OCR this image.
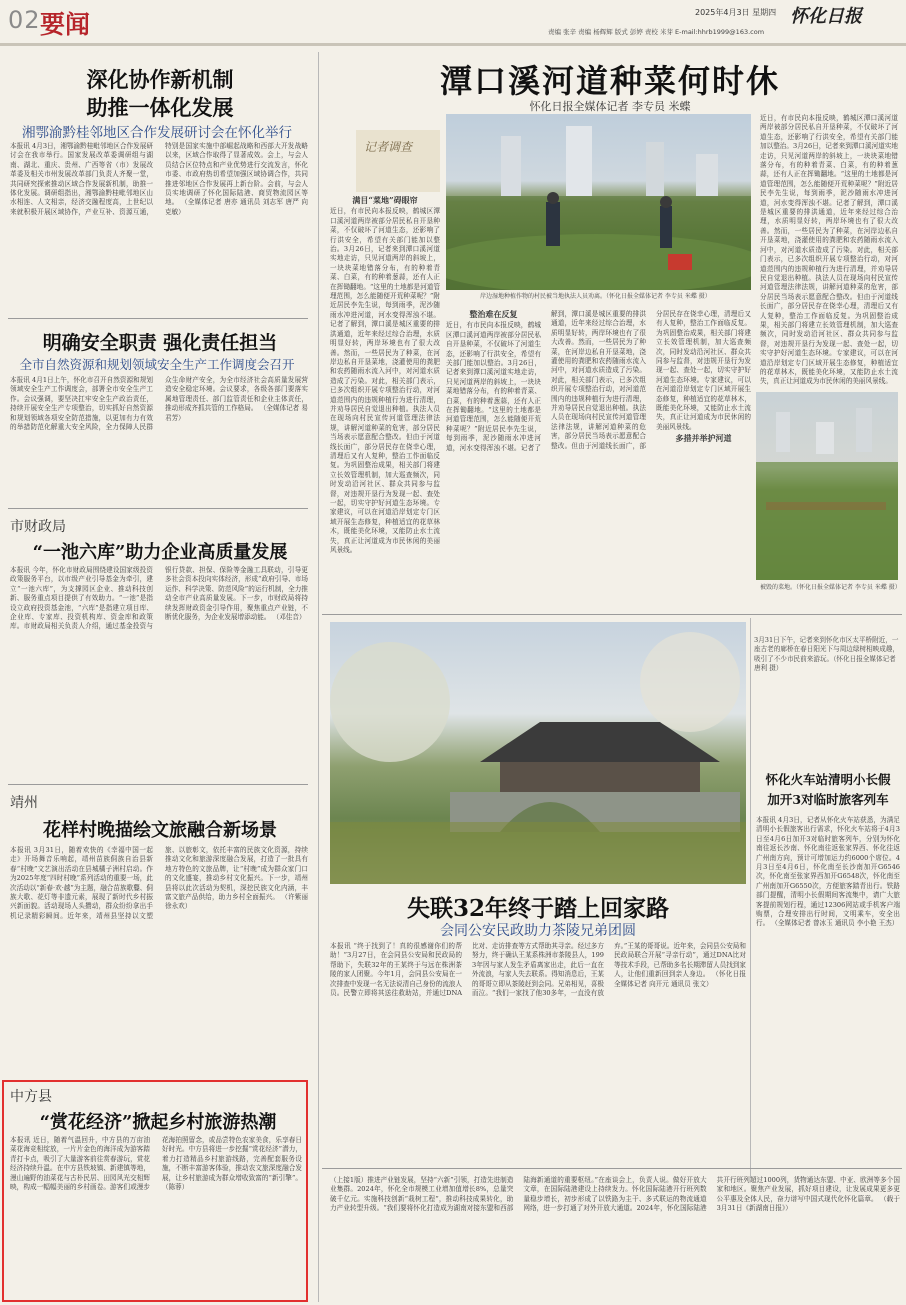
02 要闻	2025年4月3日 星期四 怀化日报
责编 张辛 责编 杨辉辉 版式 彭婷 责校 米芽 E-mail:hhrb1999@163.com
深化协作新机制
助推一体化发展
湘鄂渝黔桂邻地区合作发展研讨会在怀化举行
本报讯 4月3日，湘鄂渝黔桂毗邻地区合作发展研讨会在我市举行。国家发展改革委调研组与湖南、湖北、重庆、贵州、广西等省（市）发展改革委及相关市州发展改革部门负责人齐聚一堂，共同研究探索推动区域合作发展新机制，助推一体化发展。调研组指出，湘鄂渝黔桂毗邻地区山水相连、人文相亲，经济交融程度高，上世纪以来就积极开展区域协作，产业互补、资源互通，特别是国家实施中部崛起战略和西部大开发战略以来，区域合作取得了显著成效。会上，与会人员结合区位特点和产业优势进行交流发言，怀化市委、市政府热切希望加强区域协调合作，共同推进邻地区合作发展再上新台阶。会前，与会人员实地调研了怀化国际陆港、商贸物流园区等地。 （全媒体记者 唐亦 通讯员 刘志军 唐严 向克敏）
明确安全职责 强化责任担当
全市自然资源和规划领域安全生产工作调度会召开
本报讯 4月1日上午，怀化市召开自然资源和规划领域安全生产工作调度会，部署全市安全生产工作。会议强调，要坚决扛牢安全生产政治责任，持续开展安全生产专项整治，切实抓好自然资源和规划领域各项安全防范措施，以更加有力有效的举措防范化解重大安全风险，全力保障人民群众生命财产安全，为全市经济社会高质量发展营造安全稳定环境。会议要求，各级各部门要落实属地管理责任、部门监管责任和企业主体责任，推动形成齐抓共管的工作格局。 （全媒体记者 易君芳）
市财政局
“一池六库”助力企业高质量发展
本报讯 今年，怀化市财政局围绕建设国家级投资政策服务平台，以市级产业引导基金为牵引，建立“一池六库”，为支撑园区企业、推动科技创新、服务重点项目提供了有效助力。“一池”是指设立政府投资基金池，“六库”是指建立项目库、企业库、专家库、投资机构库、资金库和政策库。市财政局相关负责人介绍，通过基金投资与银行贷款、担保、保险等金融工具联动，引导更多社会资本投向实体经济，形成“政府引导、市场运作、科学决策、防范风险”的运行机制，全力推动全市产业高质量发展。下一步，市财政局将持续发挥财政资金引导作用，聚焦重点产业链，不断优化服务，为企业发展增添动能。 （邓佳音）
靖州
花样村晚描绘文旅融合新场景
本报讯 3月31日，随着欢快的《幸福中国一起走》开场舞音乐响起，靖州苗族侗族自治县新春“村晚”文艺演出活动在县城橘子洲村启动。作为2025年度“四时村晚”系列活动的重要一场，此次活动以“新春·欢·越”为主题，融合苗族歌鼟、侗族大歌、花灯等非遗元素，展现了新时代乡村振兴新面貌。活动现场人头攒动，群众纷纷拿出手机记录精彩瞬间。近年来，靖州县坚持以文塑旅、以旅彰文，依托丰富的民族文化资源，持续推动文化和旅游深度融合发展，打造了一批具有地方特色的文旅品牌，让“村晚”成为群众家门口的文化盛宴，推动乡村文化振兴。下一步，靖州县将以此次活动为契机，深挖民族文化内涵，丰富文旅产品供给，助力乡村全面振兴。 （许紫丽 徐永欢）
中方县
“赏花经济”掀起乡村旅游热潮
本报讯 近日，随着气温回升，中方县的万亩油菜花海竞相绽放，一片片金色的海洋成为游客踏青打卡点，吸引了大量游客前往赏春游玩，赏花经济持续升温。在中方县铁坡镇、新建镇等地，漫山遍野的油菜花与古朴民居、田园风光交相辉映，构成一幅幅美丽的乡村画卷。游客们或漫步花海拍照留念，或品尝特色农家美食，乐享春日好时光。中方县将进一步挖掘“赏花经济”潜力，着力打造精品乡村旅游线路，完善配套服务设施，不断丰富游客体验，推动农文旅深度融合发展，让乡村旅游成为群众增收致富的“新引擎”。 （陈蓉）
潭口溪河道种菜何时休
怀化日报全媒体记者 李专员 米蝶
记者调查
岸边湿地种植作物的村民被当地执法人员劝离。（怀化日报全媒体记者 李专员 米蝶 摄）
被毁的菜地。（怀化日报全媒体记者 李专员 米蝶 摄）
满目“菜地”碍眼帘
近日，有市民向本报反映，鹤城区潭口溪河道两岸被部分居民私自开垦种菜，不仅破坏了河道生态，还影响了行洪安全，希望有关部门能加以整治。3月26日，记者来到潭口溪河道实地走访，只见河道两岸的斜坡上，一块块菜地错落分布，有的种着青菜、白菜，有的种着葱蒜，还有人正在挥锄翻地。“这里的土地都是河道管理范围，怎么能随便开荒种菜呢？”附近居民李先生说，每到雨季，泥沙随雨水冲进河道，河水变得浑浊不堪。记者了解到，潭口溪是城区重要的排洪通道，近年来经过综合治理，水质明显好转，两岸环境也有了很大改善。然而，一些居民为了种菜，在河岸边私自开垦菜地，浇灌使用的粪肥和农药随雨水流入河中，对河道水质造成了污染。对此，相关部门表示，已多次组织开展专项整治行动，对河道范围内的违规种植行为进行清理，并劝导居民自觉退出种植。执法人员在现场向村民宣传河道管理法律法规，讲解河道种菜的危害，部分居民当场表示愿意配合整改。但由于河道线长面广，部分居民存在侥幸心理，清理后又有人复种，整治工作面临反复。为巩固整治成果，相关部门将建立长效管理机制，加大巡查频次，同时发动沿河社区、群众共同参与监督，对违规开垦行为发现一起、查处一起，切实守护好河道生态环境。专家建议，可以在河道沿岸划定专门区域开展生态修复，种植适宜的花草林木，既能美化环境，又能防止水土流失，真正让河道成为市民休闲的美丽风景线。
整治难在反复
近日，有市民向本报反映，鹤城区潭口溪河道两岸被部分居民私自开垦种菜，不仅破坏了河道生态，还影响了行洪安全，希望有关部门能加以整治。3月26日，记者来到潭口溪河道实地走访，只见河道两岸的斜坡上，一块块菜地错落分布，有的种着青菜、白菜，有的种着葱蒜，还有人正在挥锄翻地。“这里的土地都是河道管理范围，怎么能随便开荒种菜呢？”附近居民李先生说，每到雨季，泥沙随雨水冲进河道，河水变得浑浊不堪。记者了解到，潭口溪是城区重要的排洪通道，近年来经过综合治理，水质明显好转，两岸环境也有了很大改善。然而，一些居民为了种菜，在河岸边私自开垦菜地，浇灌使用的粪肥和农药随雨水流入河中，对河道水质造成了污染。对此，相关部门表示，已多次组织开展专项整治行动，对河道范围内的违规种植行为进行清理，并劝导居民自觉退出种植。执法人员在现场向村民宣传河道管理法律法规，讲解河道种菜的危害，部分居民当场表示愿意配合整改。但由于河道线长面广，部分居民存在侥幸心理，清理后又有人复种，整治工作面临反复。为巩固整治成果，相关部门将建立长效管理机制，加大巡查频次，同时发动沿河社区、群众共同参与监督，对违规开垦行为发现一起、查处一起，切实守护好河道生态环境。专家建议，可以在河道沿岸划定专门区域开展生态修复，种植适宜的花草林木，既能美化环境，又能防止水土流失，真正让河道成为市民休闲的美丽风景线。
多措并举护河道
近日，有市民向本报反映，鹤城区潭口溪河道两岸被部分居民私自开垦种菜，不仅破坏了河道生态，还影响了行洪安全，希望有关部门能加以整治。3月26日，记者来到潭口溪河道实地走访，只见河道两岸的斜坡上，一块块菜地错落分布，有的种着青菜、白菜，有的种着葱蒜，还有人正在挥锄翻地。“这里的土地都是河道管理范围，怎么能随便开荒种菜呢？”附近居民李先生说，每到雨季，泥沙随雨水冲进河道，河水变得浑浊不堪。记者了解到，潭口溪是城区重要的排洪通道，近年来经过综合治理，水质明显好转，两岸环境也有了很大改善。然而，一些居民为了种菜，在河岸边私自开垦菜地，浇灌使用的粪肥和农药随雨水流入河中，对河道水质造成了污染。对此，相关部门表示，已多次组织开展专项整治行动，对河道范围内的违规种植行为进行清理，并劝导居民自觉退出种植。执法人员在现场向村民宣传河道管理法律法规，讲解河道种菜的危害，部分居民当场表示愿意配合整改。但由于河道线长面广，部分居民存在侥幸心理，清理后又有人复种，整治工作面临反复。为巩固整治成果，相关部门将建立长效管理机制，加大巡查频次，同时发动沿河社区、群众共同参与监督，对违规开垦行为发现一起、查处一起，切实守护好河道生态环境。专家建议，可以在河道沿岸划定专门区域开展生态修复，种植适宜的花草林木，既能美化环境，又能防止水土流失，真正让河道成为市民休闲的美丽风景线。
3月31日下午，记者来到怀化市区太平桥附近，一座古老的廊桥在春日阳光下与周边绿树相映成趣，吸引了不少市民前来游玩。（怀化日报全媒体记者 唐利 摄）
失联32年终于踏上回家路
会同公安民政助力茶陵兄弟团圆
本报讯 “终于找到了！真的很感谢你们的帮助！”3月27日，在会同县公安局和民政局的帮助下，失联32年的王某终于与远在株洲茶陵的家人团聚。今年1月，会同县公安局在一次排查中发现一名无法说清自己身份的流浪人员。民警立即将其送往救助站，并通过DNA比对、走访排查等方式帮助其寻亲。经过多方努力，终于确认王某系株洲市茶陵县人，1993年因与家人发生矛盾离家出走，此后一直在外流浪，与家人失去联系。得知消息后，王某的哥哥立即从茶陵赶到会同。兄弟相见，喜极而泣。“我们一家找了他30多年，一直没有放弃。”王某的哥哥说。近年来，会同县公安局和民政局联合开展“寻亲行动”，通过DNA比对等技术手段，已帮助多名长期滞留人员找到家人，让他们重新回到亲人身边。 （怀化日报全媒体记者 向开元 通讯员 张文）
怀化火车站清明小长假
加开3对临时旅客列车
本报讯 4月3日，记者从怀化火车站获悉，为满足清明小长假旅客出行需求，怀化火车站将于4月3日至4月6日加开3对临时旅客列车，分别为怀化南往返长沙南、怀化南往返张家界西、怀化往返广州南方向，预计可增加运力约6000个席位。4月3日至4月6日，怀化南至长沙南加开G6546次，怀化南至张家界西加开G6548次，怀化南至广州南加开G6550次，方便旅客踏青出行。铁路部门提醒，清明小长假期间客流集中，请广大旅客提前规划行程，通过12306网站或手机客户端购票，合理安排出行时间，文明乘车，安全出行。 （全媒体记者 曾冰玉 通讯员 李小艳 王杰）
（上接1版）推进产业链发展，坚持“六新”引领，打造先进制造业集群。2024年，怀化全市规模工业增加值增长8%，总量突破千亿元。实施科技创新“栽树工程”，推动科技成果转化，助力产业转型升级。“我们要将怀化打造成为湖南对接东盟和西部陆海新通道的重要枢纽。”在座谈会上，负责人说。做好开放大文章，在国际陆港建设上持续发力。怀化国际陆港开行班列数量稳步增长，初步形成了以铁路为主干、多式联运的物流通道网络，进一步打通了对外开放大通道。2024年，怀化国际陆港共开行班列超过1000列，货物通达东盟、中亚、欧洲等多个国家和地区。聚焦产业发展，抓好项目建设，让发展成果更多更公平惠及全体人民，奋力谱写中国式现代化怀化篇章。 （载于3月31日《新湖南日报》）
